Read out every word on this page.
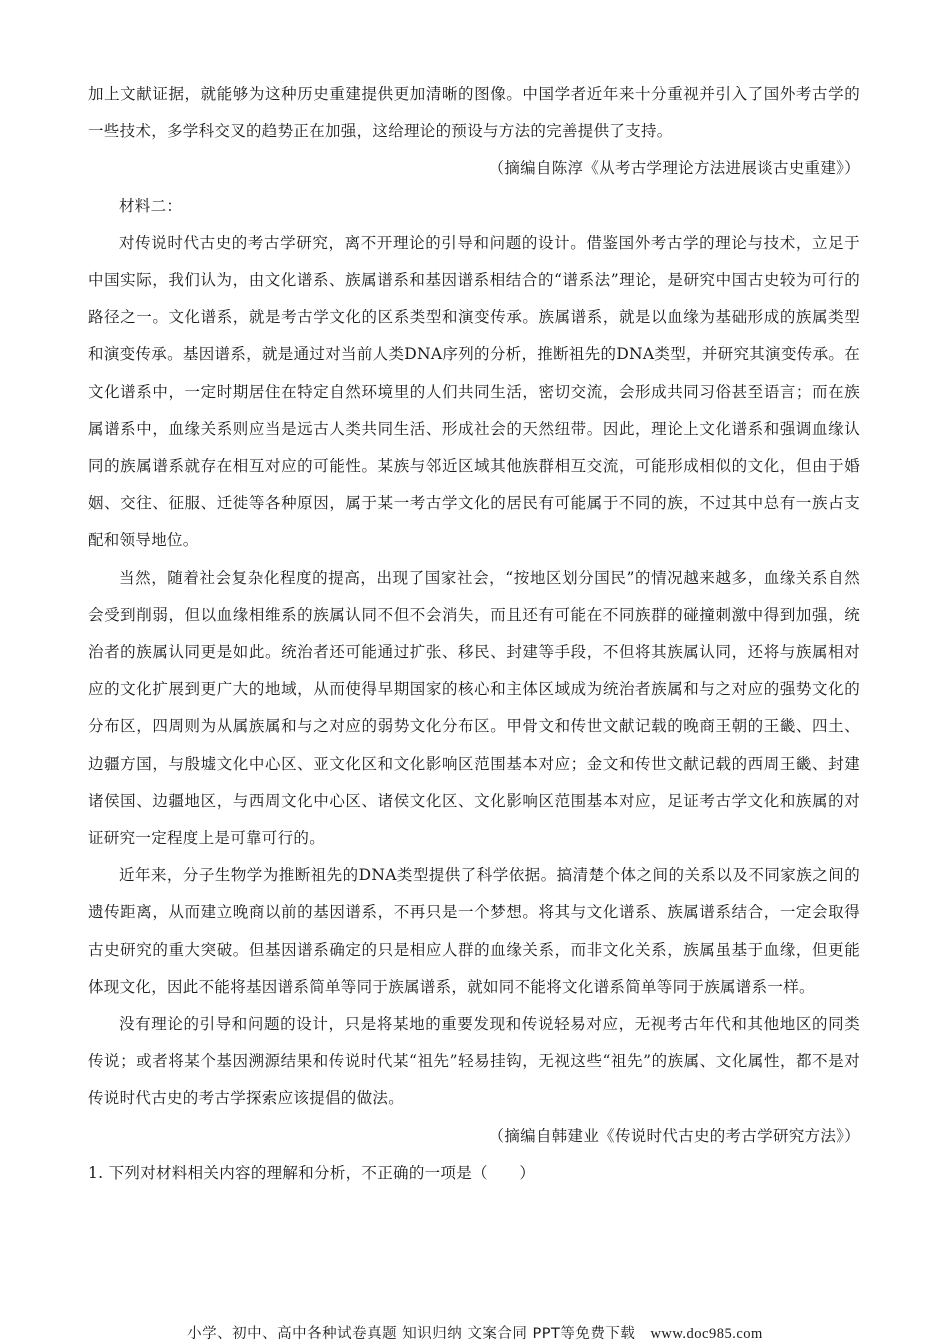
加上文献证据，就能够为这种历史重建提供更加清晰的图像。中国学者近年来十分重视并引入了国外考古学的一些技术，多学科交叉的趋势正在加强，这给理论的预设与方法的完善提供了支持。

（摘编自陈淳《从考古学理论方法进展谈古史重建》）

材料二：

对传说时代古史的考古学研究，离不开理论的引导和问题的设计。借鉴国外考古学的理论与技术，立足于中国实际，我们认为，由文化谱系、族属谱系和基因谱系相结合的“谱系法”理论，是研究中国古史较为可行的路径之一。文化谱系，就是考古学文化的区系类型和演变传承。族属谱系，就是以血缘为基础形成的族属类型和演变传承。基因谱系，就是通过对当前人类DNA序列的分析，推断祖先的DNA类型，并研究其演变传承。在文化谱系中，一定时期居住在特定自然环境里的人们共同生活，密切交流，会形成共同习俗甚至语言；而在族属谱系中，血缘关系则应当是远古人类共同生活、形成社会的天然纽带。因此，理论上文化谱系和强调血缘认同的族属谱系就存在相互对应的可能性。某族与邻近区域其他族群相互交流，可能形成相似的文化，但由于婚姻、交往、征服、迁徙等各种原因，属于某一考古学文化的居民有可能属于不同的族，不过其中总有一族占支配和领导地位。

当然，随着社会复杂化程度的提高，出现了国家社会，“按地区划分国民”的情况越来越多，血缘关系自然会受到削弱，但以血缘相维系的族属认同不但不会消失，而且还有可能在不同族群的碰撞刺激中得到加强，统治者的族属认同更是如此。统治者还可能通过扩张、移民、封建等手段，不但将其族属认同，还将与族属相对应的文化扩展到更广大的地域，从而使得早期国家的核心和主体区域成为统治者族属和与之对应的强势文化的分布区，四周则为从属族属和与之对应的弱势文化分布区。甲骨文和传世文献记载的晚商王朝的王畿、四土、边疆方国，与殷墟文化中心区、亚文化区和文化影响区范围基本对应；金文和传世文献记载的西周王畿、封建诸侯国、边疆地区，与西周文化中心区、诸侯文化区、文化影响区范围基本对应，足证考古学文化和族属的对证研究一定程度上是可靠可行的。

近年来，分子生物学为推断祖先的DNA类型提供了科学依据。搞清楚个体之间的关系以及不同家族之间的遗传距离，从而建立晚商以前的基因谱系，不再只是一个梦想。将其与文化谱系、族属谱系结合，一定会取得古史研究的重大突破。但基因谱系确定的只是相应人群的血缘关系，而非文化关系，族属虽基于血缘，但更能体现文化，因此不能将基因谱系简单等同于族属谱系，就如同不能将文化谱系简单等同于族属谱系一样。

没有理论的引导和问题的设计，只是将某地的重要发现和传说轻易对应，无视考古年代和其他地区的同类传说；或者将某个基因溯源结果和传说时代某“祖先”轻易挂钩，无视这些“祖先”的族属、文化属性，都不是对传说时代古史的考古学探索应该提倡的做法。

（摘编自韩建业《传说时代古史的考古学研究方法》）

1. 下列对材料相关内容的理解和分析，不正确的一项是（　　）

小学、初中、高中各种试卷真题 知识归纳 文案合同 PPT等免费下载 www.doc985.com
